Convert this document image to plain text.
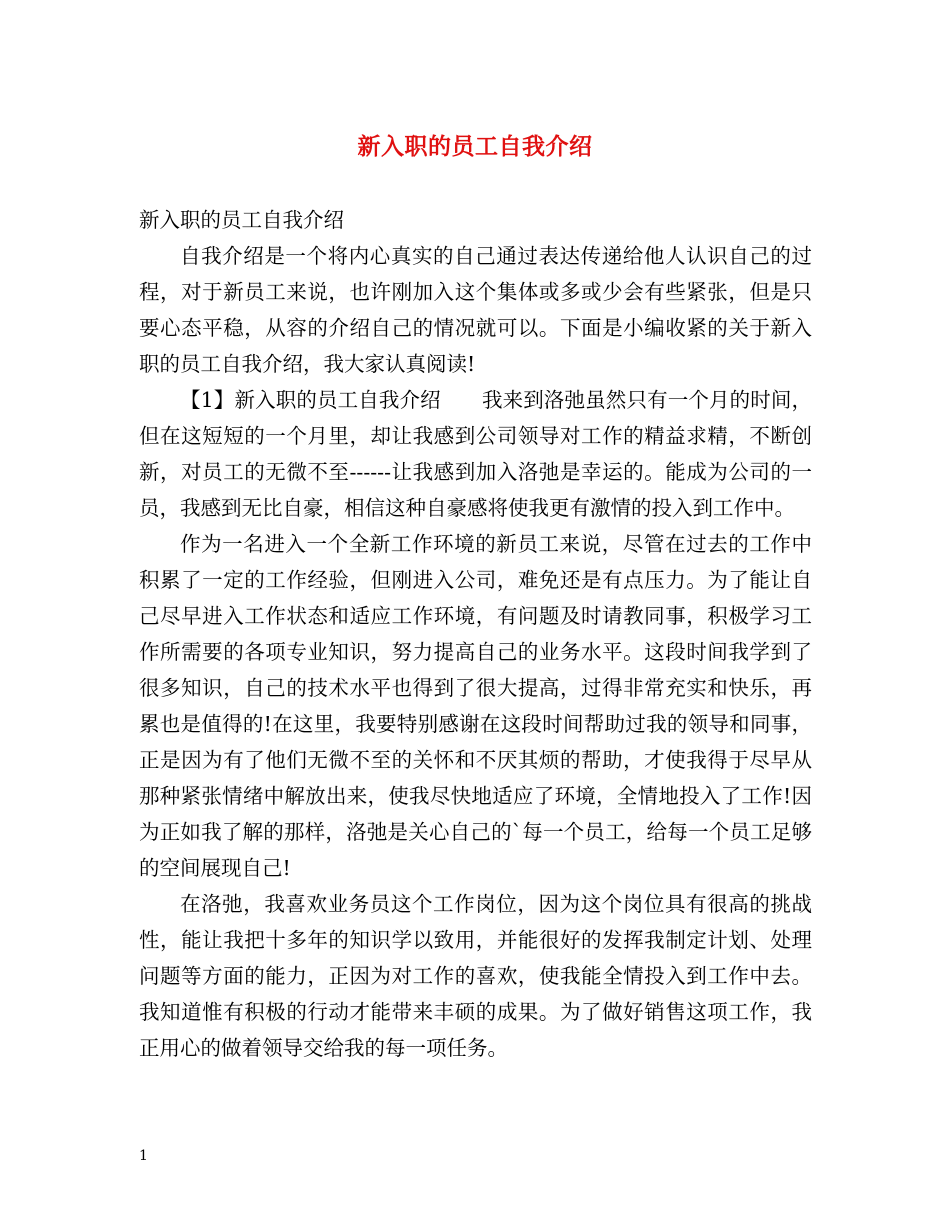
新入职的员工自我介绍

新入职的员工自我介绍

自我介绍是一个将内心真实的自己通过表达传递给他人认识自己的过程，对于新员工来说，也许刚加入这个集体或多或少会有些紧张，但是只要心态平稳，从容的介绍自己的情况就可以。下面是小编收紧的关于新入职的员工自我介绍，我大家认真阅读!

【1】新入职的员工自我介绍　　我来到洛弛虽然只有一个月的时间，但在这短短的一个月里，却让我感到公司领导对工作的精益求精，不断创新，对员工的无微不至------让我感到加入洛弛是幸运的。能成为公司的一员，我感到无比自豪，相信这种自豪感将使我更有激情的投入到工作中。

作为一名进入一个全新工作环境的新员工来说，尽管在过去的工作中积累了一定的工作经验，但刚进入公司，难免还是有点压力。为了能让自己尽早进入工作状态和适应工作环境，有问题及时请教同事，积极学习工作所需要的各项专业知识，努力提高自己的业务水平。这段时间我学到了很多知识，自己的技术水平也得到了很大提高，过得非常充实和快乐，再累也是值得的!在这里，我要特别感谢在这段时间帮助过我的领导和同事，正是因为有了他们无微不至的关怀和不厌其烦的帮助，才使我得于尽早从那种紧张情绪中解放出来，使我尽快地适应了环境，全情地投入了工作!因为正如我了解的那样，洛弛是关心自己的`每一个员工，给每一个员工足够的空间展现自己!

在洛弛，我喜欢业务员这个工作岗位，因为这个岗位具有很高的挑战性，能让我把十多年的知识学以致用，并能很好的发挥我制定计划、处理问题等方面的能力，正因为对工作的喜欢，使我能全情投入到工作中去。我知道惟有积极的行动才能带来丰硕的成果。为了做好销售这项工作，我正用心的做着领导交给我的每一项任务。

1
